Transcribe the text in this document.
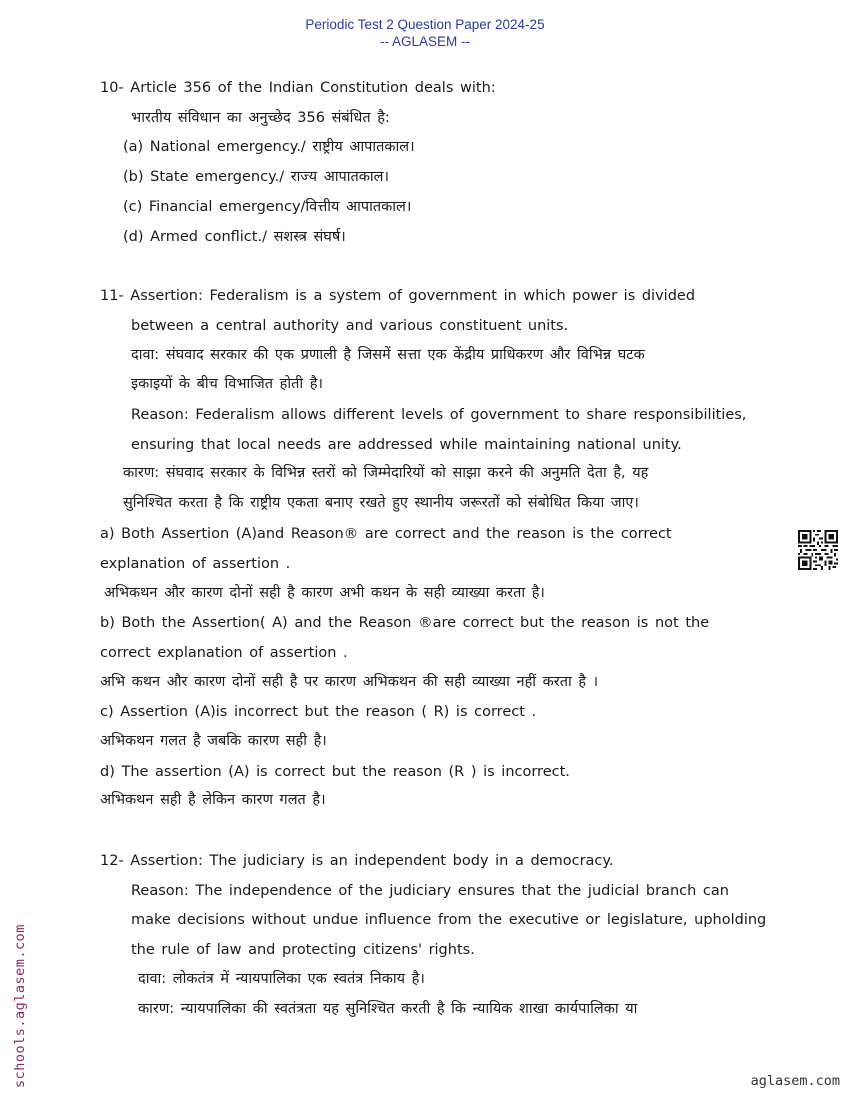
Periodic Test 2 Question Paper 2024-25
-- AGLASEM --
10- Article 356 of the Indian Constitution deals with:
भारतीय संविधान का अनुच्छेद 356 संबंधित है:
(a) National emergency./ राष्ट्रीय आपातकाल।
(b) State emergency./ राज्य आपातकाल।
(c) Financial emergency/वित्तीय आपातकाल।
(d) Armed conflict./ सशस्त्र संघर्ष।
11- Assertion: Federalism is a system of government in which power is divided
between a central authority and various constituent units.
दावा: संघवाद सरकार की एक प्रणाली है जिसमें सत्ता एक केंद्रीय प्राधिकरण और विभिन्न घटक
इकाइयों के बीच विभाजित होती है।
Reason: Federalism allows different levels of government to share responsibilities,
ensuring that local needs are addressed while maintaining national unity.
कारण: संघवाद सरकार के विभिन्न स्तरों को जिम्मेदारियों को साझा करने की अनुमति देता है, यह
सुनिश्चित करता है कि राष्ट्रीय एकता बनाए रखते हुए स्थानीय जरूरतों को संबोधित किया जाए।
a) Both Assertion (A)and Reason® are correct and the reason is the correct
explanation of assertion .
अभिकथन और कारण दोनों सही है कारण अभी कथन के सही व्याख्या करता है।
b) Both the Assertion( A) and the Reason ®are correct but the reason is not the
correct explanation of assertion .
अभि कथन और कारण दोनों सही है पर कारण अभिकथन की सही व्याख्या नहीं करता है ।
c) Assertion (A)is incorrect but the reason ( R) is correct .
अभिकथन गलत है जबकि कारण सही है।
d) The assertion (A) is correct but the reason (R ) is incorrect.
अभिकथन सही है लेकिन कारण गलत है।
12- Assertion: The judiciary is an independent body in a democracy.
Reason: The independence of the judiciary ensures that the judicial branch can
make decisions without undue influence from the executive or legislature, upholding
the rule of law and protecting citizens' rights.
दावा: लोकतंत्र में न्यायपालिका एक स्वतंत्र निकाय है।
कारण: न्यायपालिका की स्वतंत्रता यह सुनिश्चित करती है कि न्यायिक शाखा कार्यपालिका या
schools.aglasem.com	aglasem.com
